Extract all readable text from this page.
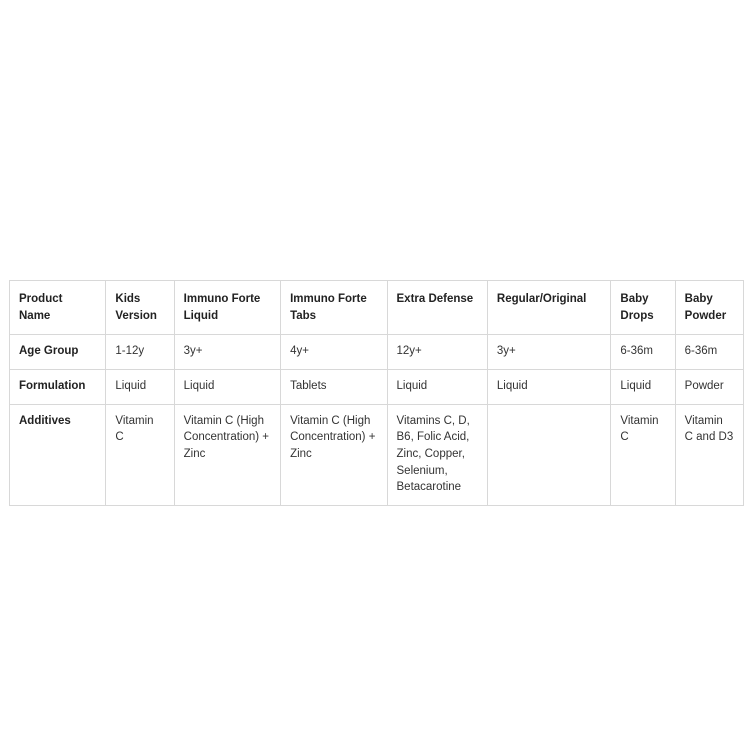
Product Name	Kids Version	Immuno Forte Liquid	Immuno Forte Tabs	Extra Defense	Regular/Original	Baby Drops	Baby Powder
Age Group	1-12y	3y+	4y+	12y+	3y+	6-36m	6-36m
Formulation	Liquid	Liquid	Tablets	Liquid	Liquid	Liquid	Powder
Additives	Vitamin C	Vitamin C (High Concentration) + Zinc	Vitamin C (High Concentration) + Zinc	Vitamins C, D, B6, Folic Acid, Zinc, Copper, Selenium, Betacarotine		Vitamin C	Vitamin C and D3
